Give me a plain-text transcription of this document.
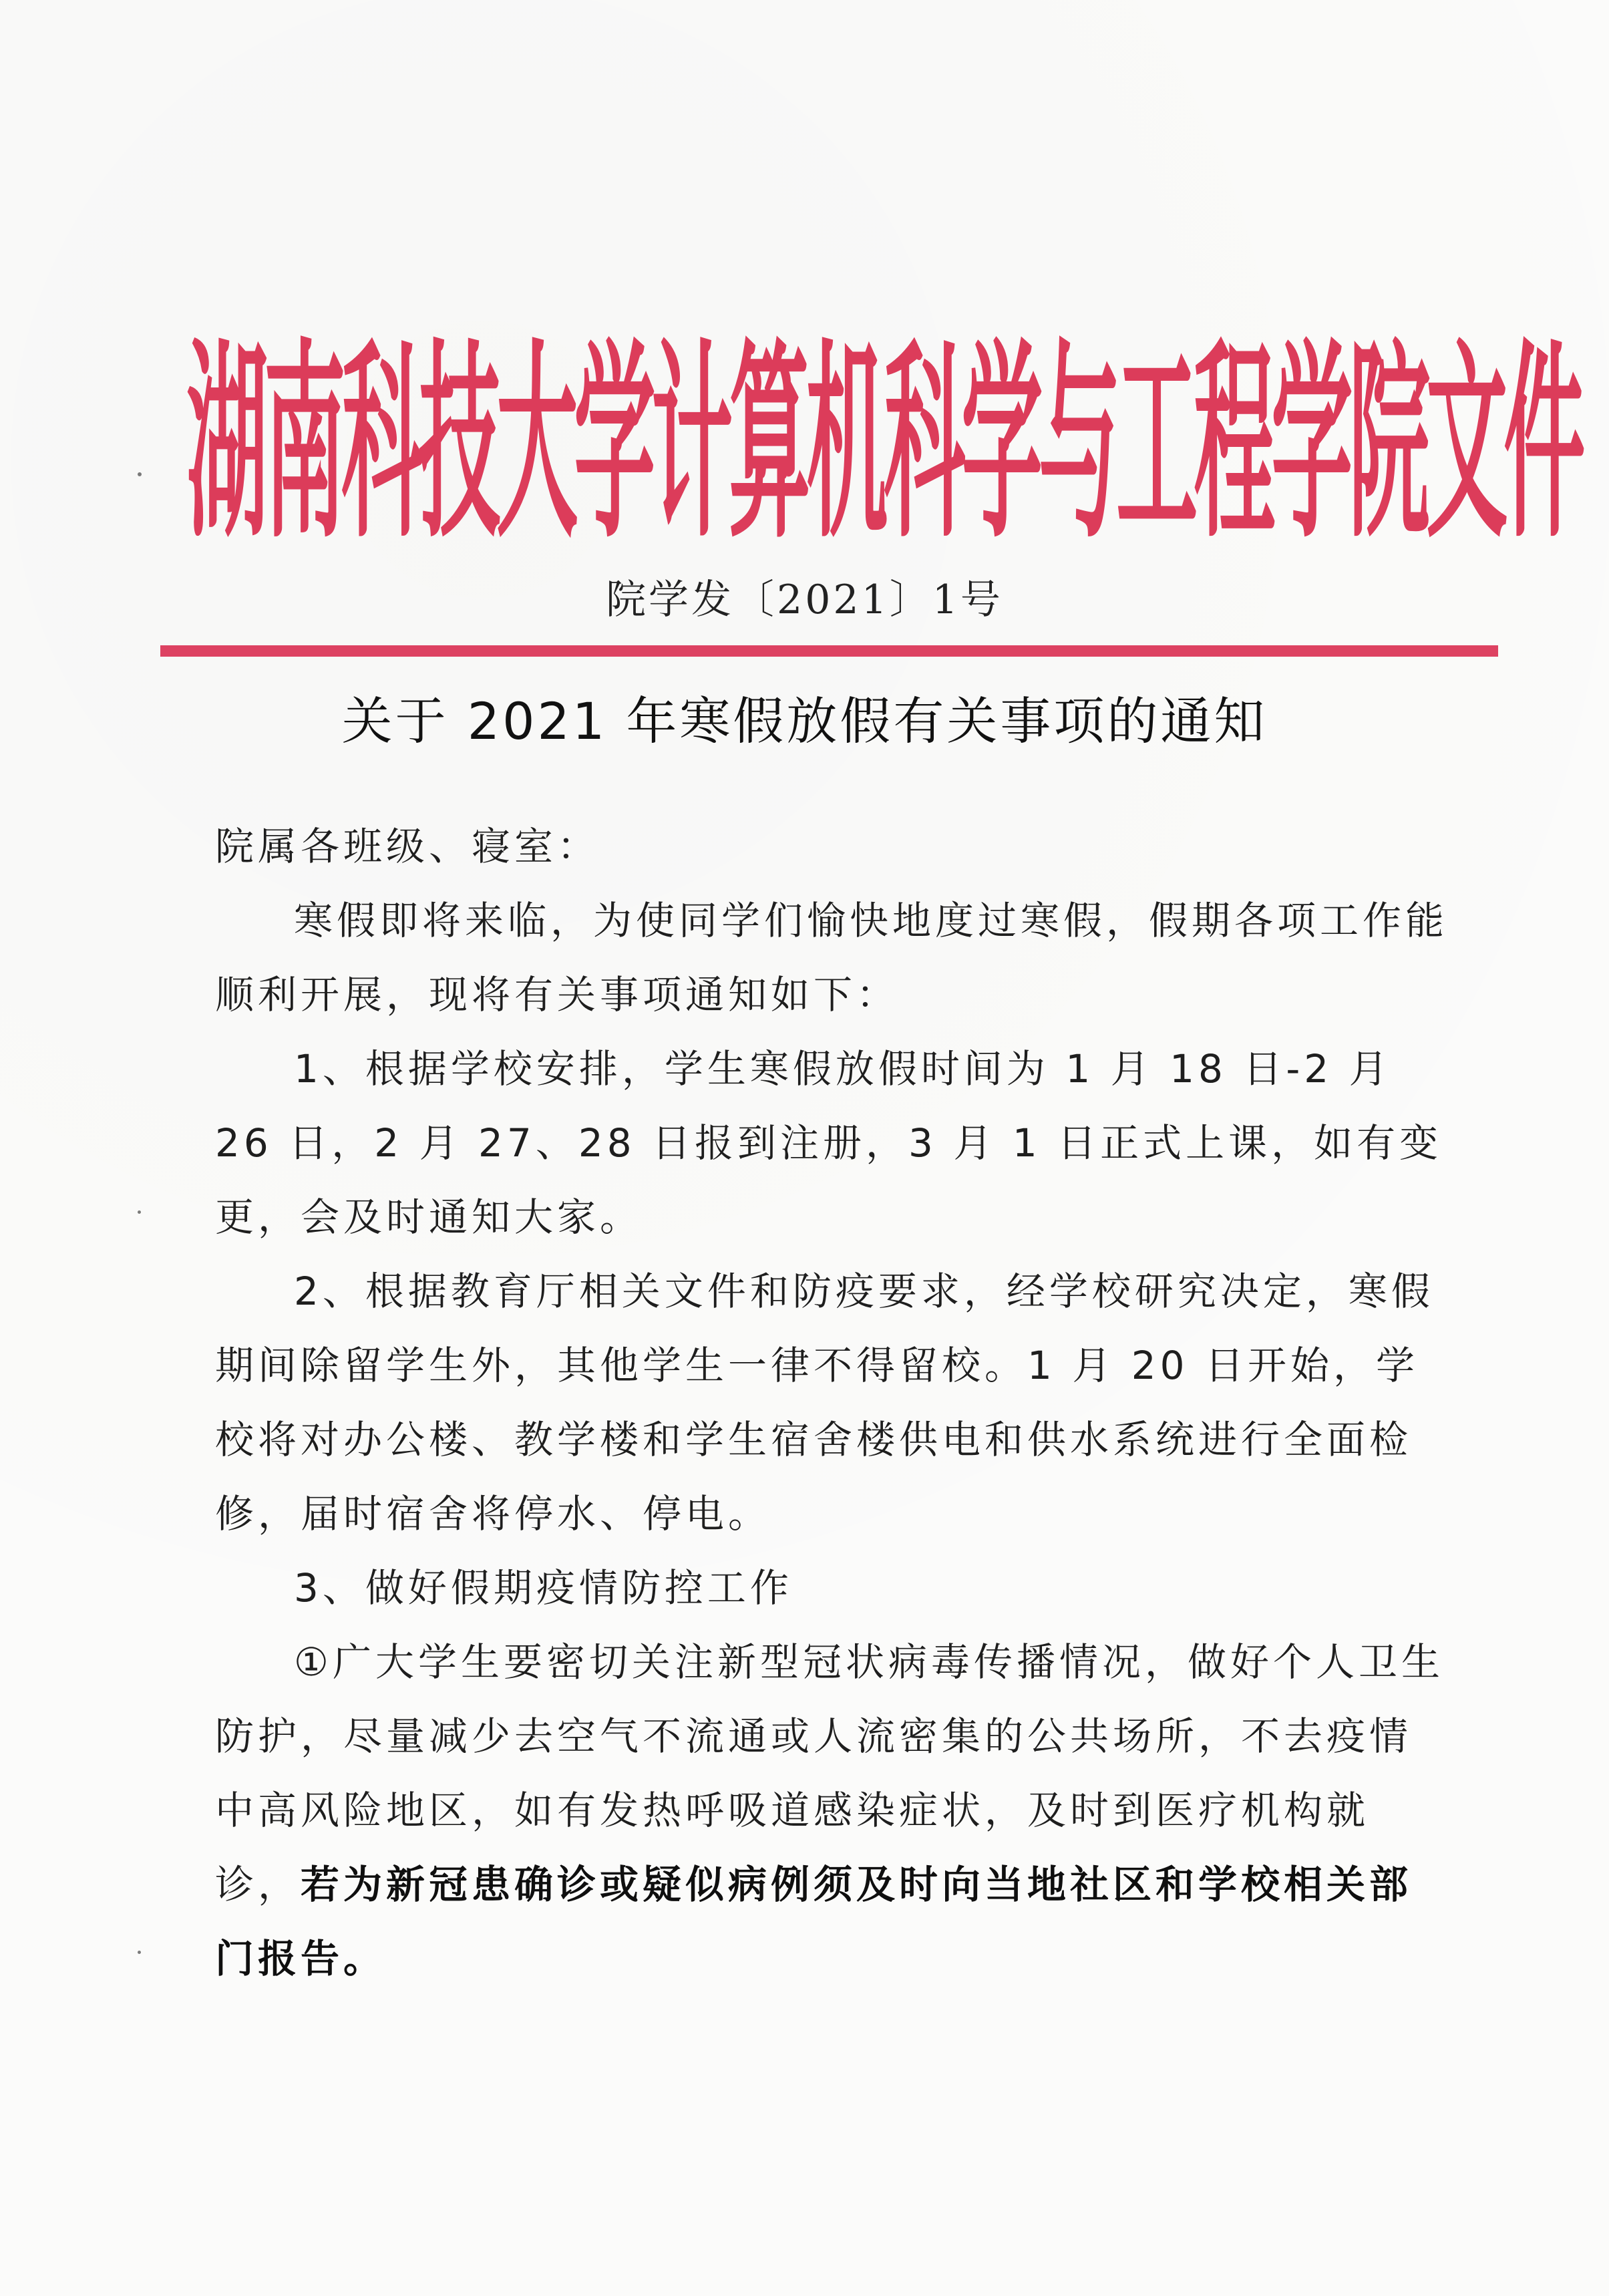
湖
南
科
技
大
学
计
算
机
科
学
与
工
程
学
院
文
件
院学发〔2021〕1号
关于 2021 年寒假放假有关事项的通知

院属各班级、寝室：

寒假即将来临，为使同学们愉快地度过寒假，假期各项工作能顺利开展，现将有关事项通知如下：

1、根据学校安排，学生寒假放假时间为 1 月 18 日-2 月 26 日，2 月 27、28 日报到注册，3 月 1 日正式上课，如有变更，会及时通知大家。

2、根据教育厅相关文件和防疫要求，经学校研究决定，寒假期间除留学生外，其他学生一律不得留校。1 月 20 日开始，学校将对办公楼、教学楼和学生宿舍楼供电和供水系统进行全面检修，届时宿舍将停水、停电。

3、做好假期疫情防控工作

①广大学生要密切关注新型冠状病毒传播情况，做好个人卫生防护，尽量减少去空气不流通或人流密集的公共场所，不去疫情中高风险地区，如有发热呼吸道感染症状，及时到医疗机构就诊，若为新冠患确诊或疑似病例须及时向当地社区和学校相关部门报告。
